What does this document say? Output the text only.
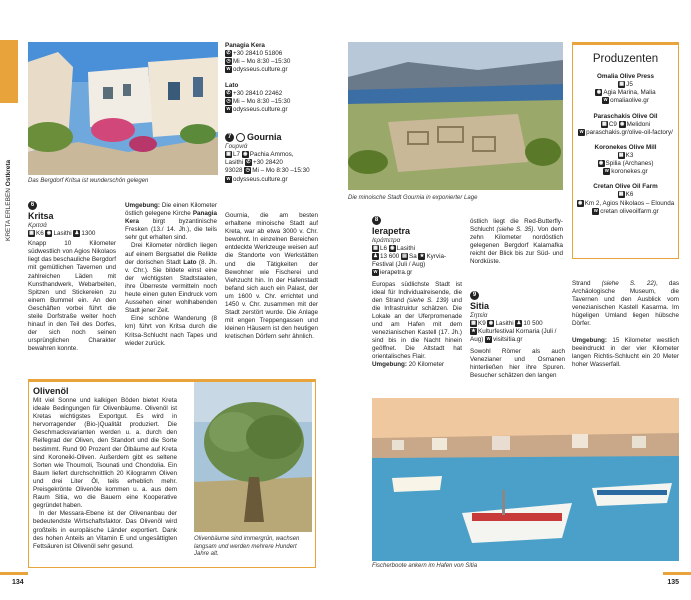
KRETA ERLEBEN Ostkreta	Das Bergdorf Kritsa ist wunderschön gelegen
Panagia Kera
✆ +30 28410 51806
◷ Mi – Mo 8:30 –15:30
w odysseus.culture.gr
Lato
✆ +30 28410 22462
◷ Mi – Mo 8:30 –15:30
w odysseus.culture.gr
7 Gournia
Γουρνιά
▦ L7 ◉ Pachia Ammos,
Lasithi ✆ +30 28420
93028 ◷ Mi – Mo 8:30 –15:30
w odysseus.culture.gr
Die minoische Stadt Gournia in exponierter Lage
Produzenten
Omalia Olive Press
▦ J5
◉ Agia Marina, Malia
w omaliaolive.gr
Paraschakis Olive Oil
▦ C9 ◉ Melidoni
w paraschakis.gr/olive-oil-factory/
Koronekes Olive Mill
▦ K3
◉ Spilia (Archanes)
w koronekes.gr
Cretan Olive Oil Farm
▦ K6
◉ Km 2, Agios Nikolaos – Elounda
w cretan oliveoilfarm.gr
6
Kritsa
Κριτσά
▦ K6 ◉ Lasithi ♟ 1300

Knapp 10 Kilometer südwestlich von Agios Nikolaos liegt das beschauliche Bergdorf mit gemütlichen Tavernen und zahlreichen Läden mit Kunsthandwerk, Webarbeiten, Spitzen und Stickereien zu einem Bummel ein. An den Geschäften vorbei führt die steile Dorfstraße weiter hoch hinauf in den Teil des Dorfes, der sich noch seinen ursprünglichen Charakter bewahren konnte.

Umgebung: Die einen Kilometer östlich gelegene Kirche Panagia Kera birgt byzantinische Fresken (13./ 14. Jh.), die teils sehr gut erhalten sind.

Drei Kilometer nördlich liegen auf einem Bergsattel die Relikte der dorischen Stadt Lato (8. Jh. v. Chr.). Sie bildete einst eine der wichtigsten Stadtstaaten, ihre Überreste vermitteln noch heute einen guten Eindruck vom Aussehen einer wohlhabenden Stadt jener Zeit.

Eine schöne Wanderung (8 km) führt von Kritsa durch die Kritsa-Schlucht nach Tapes und wieder zurück.

Gournia, die am besten erhaltene minoische Stadt auf Kreta, war ab etwa 3000 v. Chr. bewohnt. In einzelnen Bereichen entdeckte Werkzeuge weisen auf die Standorte von Werkstätten und die Tätigkeiten der Bewohner wie Fischerei und Viehzucht hin. In der Hafenstadt befand sich auch ein Palast, der um 1600 v. Chr. errichtet und 1450 v. Chr. zusammen mit der Stadt zerstört wurde. Die Anlage mit engen Treppengassen und kleinen Häusern ist den heutigen kretischen Dörfern sehr ähnlich.

8
Ierapetra
Ιεράπετρα
▦ L6 ◉ Lasithi
♟ 13 600 ▤ Sa ★ Kyrvia-Festival (Juli / Aug)
w ierapetra.gr

Europas südlichste Stadt ist ideal für Individualreisende, die den Strand (siehe S. 139) und die Infrastruktur schätzen. Die Lokale an der Uferpromenade und am Hafen mit dem venezianischen Kastell (17. Jh.) sind bis in die Nacht hinein geöffnet. Die Altstadt hat orientalisches Flair.
Umgebung: 20 Kilometer

östlich liegt die Red-Butterfly-Schlucht (siehe S. 35). Von dem zehn Kilometer nordöstlich gelegenen Bergdorf Kalamafka reicht der Blick bis zur Süd- und Nordküste.

9
Sitia
Σητεία
▦ K9 ◉ Lasithi ♟ 10 500
★ Kulturfestival Kornaria (Juli / Aug) w visitsitia.gr

Sowohl Römer als auch Venezianer und Osmanen hinterließen hier ihre Spuren. Besucher schätzen den langen

Strand (siehe S. 22), das Archäologische Museum, die Tavernen und den Ausblick vom venezianischen Kastell Kasarma. Im hügeligen Umland liegen hübsche Dörfer.

Umgebung: 15 Kilometer westlich beeindruckt in der vier Kilometer langen Richtis-Schlucht ein 20 Meter hoher Wasserfall.

Olivenöl

Mit viel Sonne und kalkigen Böden bietet Kreta ideale Bedingungen für Olivenbäume. Olivenöl ist Kretas wichtigstes Exportgut. Es wird in hervorragender (Bio-)Qualität produziert. Die Geschmacksvarianten werden u. a. durch den Reifegrad der Oliven, den Standort und die Sorte bestimmt. Rund 90 Prozent der Ölbäume auf Kreta sind Koroneiki-Oliven. Außerdem gibt es seltene Sorten wie Thoumoli, Tsounati und Chondolia. Ein Baum liefert durchschnittlich 20 Kilogramm Oliven und drei Liter Öl, teils erheblich mehr. Preisgekrönte Olivenöle kommen u. a. aus dem Raum Sitia, wo die Bauern eine Kooperative gegründet haben.

In der Messara-Ebene ist der Olivenanbau der bedeutendste Wirtschaftsfaktor. Das Olivenöl wird großteils in europäische Länder exportiert. Dank des hohen Anteils an Vitamin E und ungesättigten Fettsäuren ist Olivenöl sehr gesund.

Olivenbäume sind immergrün, wachsen langsam und werden mehrere Hundert Jahre alt.
Fischerboote ankern im Hafen von Sitia
134	135
